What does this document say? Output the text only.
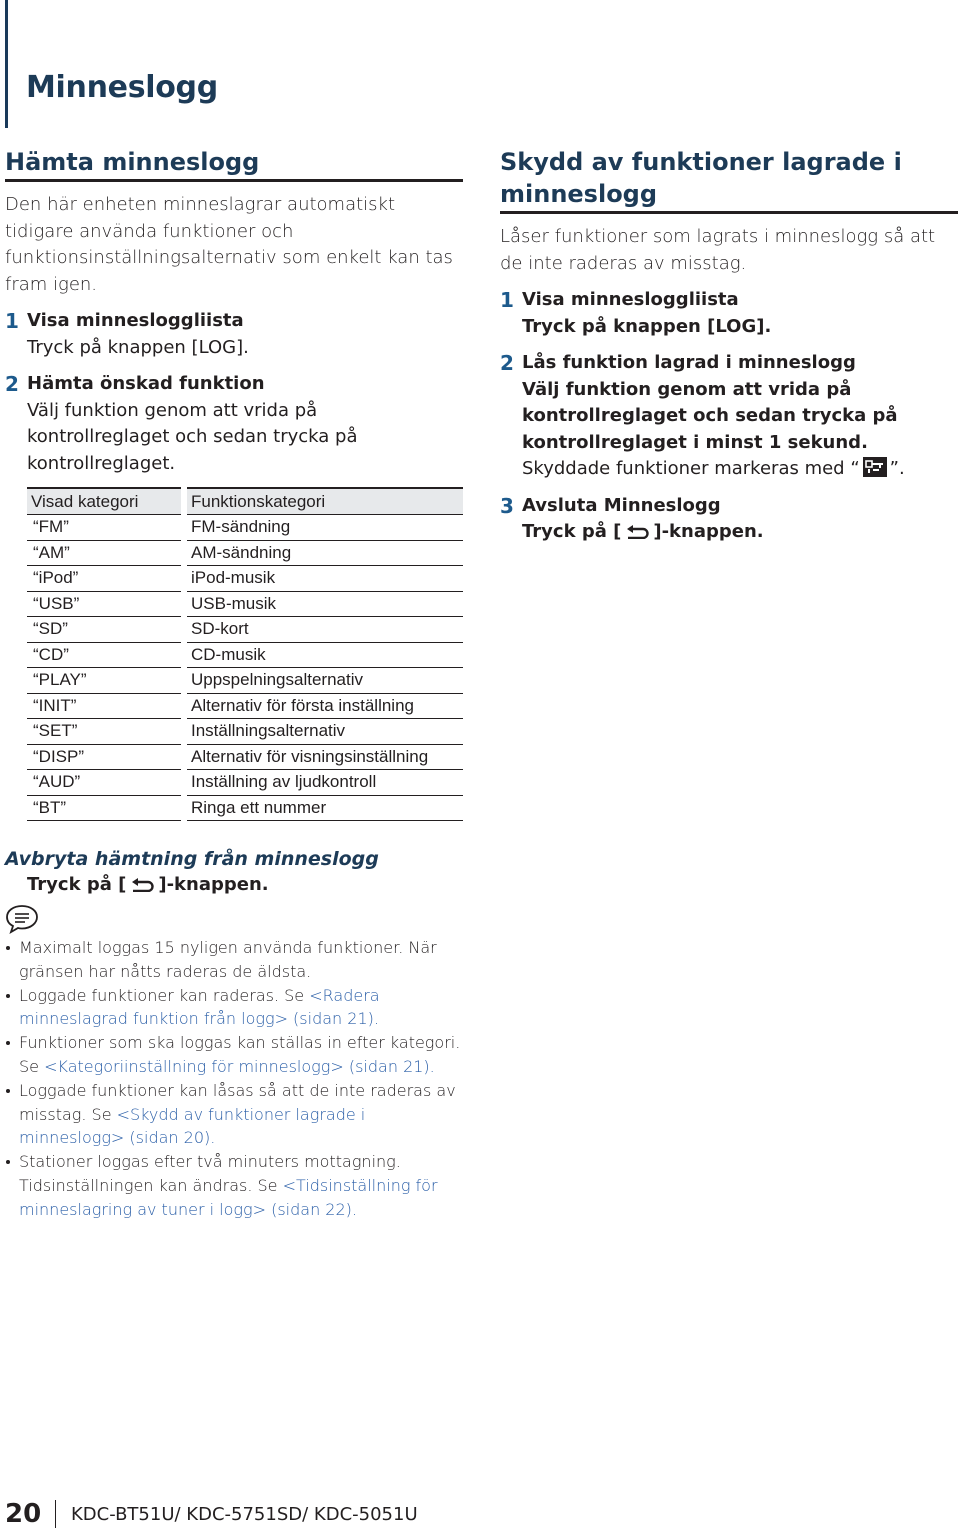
Minneslogg
Hämta minneslogg

Den här enheten minneslagrar automatiskt tidigare använda funktioner och funktionsinställningsalternativ som enkelt kan tas fram igen.

1 Visa minnesloggliista
Tryck på knappen [LOG].
2 Hämta önskad funktion
Välj funktion genom att vrida på kontrollreglaget och sedan trycka på kontrollreglaget.
Visad kategori		Funktionskategori
“FM”		FM-sändning
“AM”		AM-sändning
“iPod”		iPod-musik
“USB”		USB-musik
“SD”		SD-kort
“CD”		CD-musik
“PLAY”		Uppspelningsalternativ
“INIT”		Alternativ för första inställning
“SET”		Inställningsalternativ
“DISP”		Alternativ för visningsinställning
“AUD”		Inställning av ljudkontroll
“BT”		Ringa ett nummer
Skydd av funktioner lagrade i minneslogg

Låser funktioner som lagrats i minneslogg så att de inte raderas av misstag.

1 Visa minnesloggliista
Tryck på knappen [LOG].
2 Lås funktion lagrad i minneslogg
Välj funktion genom att vrida på kontrollreglaget och sedan trycka på kontrollreglaget i minst 1 sekund.
Skyddade funktioner markeras med “ ”.
3 Avsluta Minneslogg
Tryck på [ ]-knappen.
Avbryta hämtning från minneslogg
Tryck på [ ]-knappen.
Maximalt loggas 15 nyligen använda funktioner. När gränsen har nåtts raderas de äldsta.
Loggade funktioner kan raderas. Se <Radera minneslagrad funktion från logg> (sidan 21).
Funktioner som ska loggas kan ställas in efter kategori. Se <Kategoriinställning för minneslogg> (sidan 21).
Loggade funktioner kan låsas så att de inte raderas av misstag. Se <Skydd av funktioner lagrade i minneslogg> (sidan 20).
Stationer loggas efter två minuters mottagning. Tidsinställningen kan ändras. Se <Tidsinställning för minneslagring av tuner i logg> (sidan 22).
20 KDC-BT51U/ KDC-5751SD/ KDC-5051U
